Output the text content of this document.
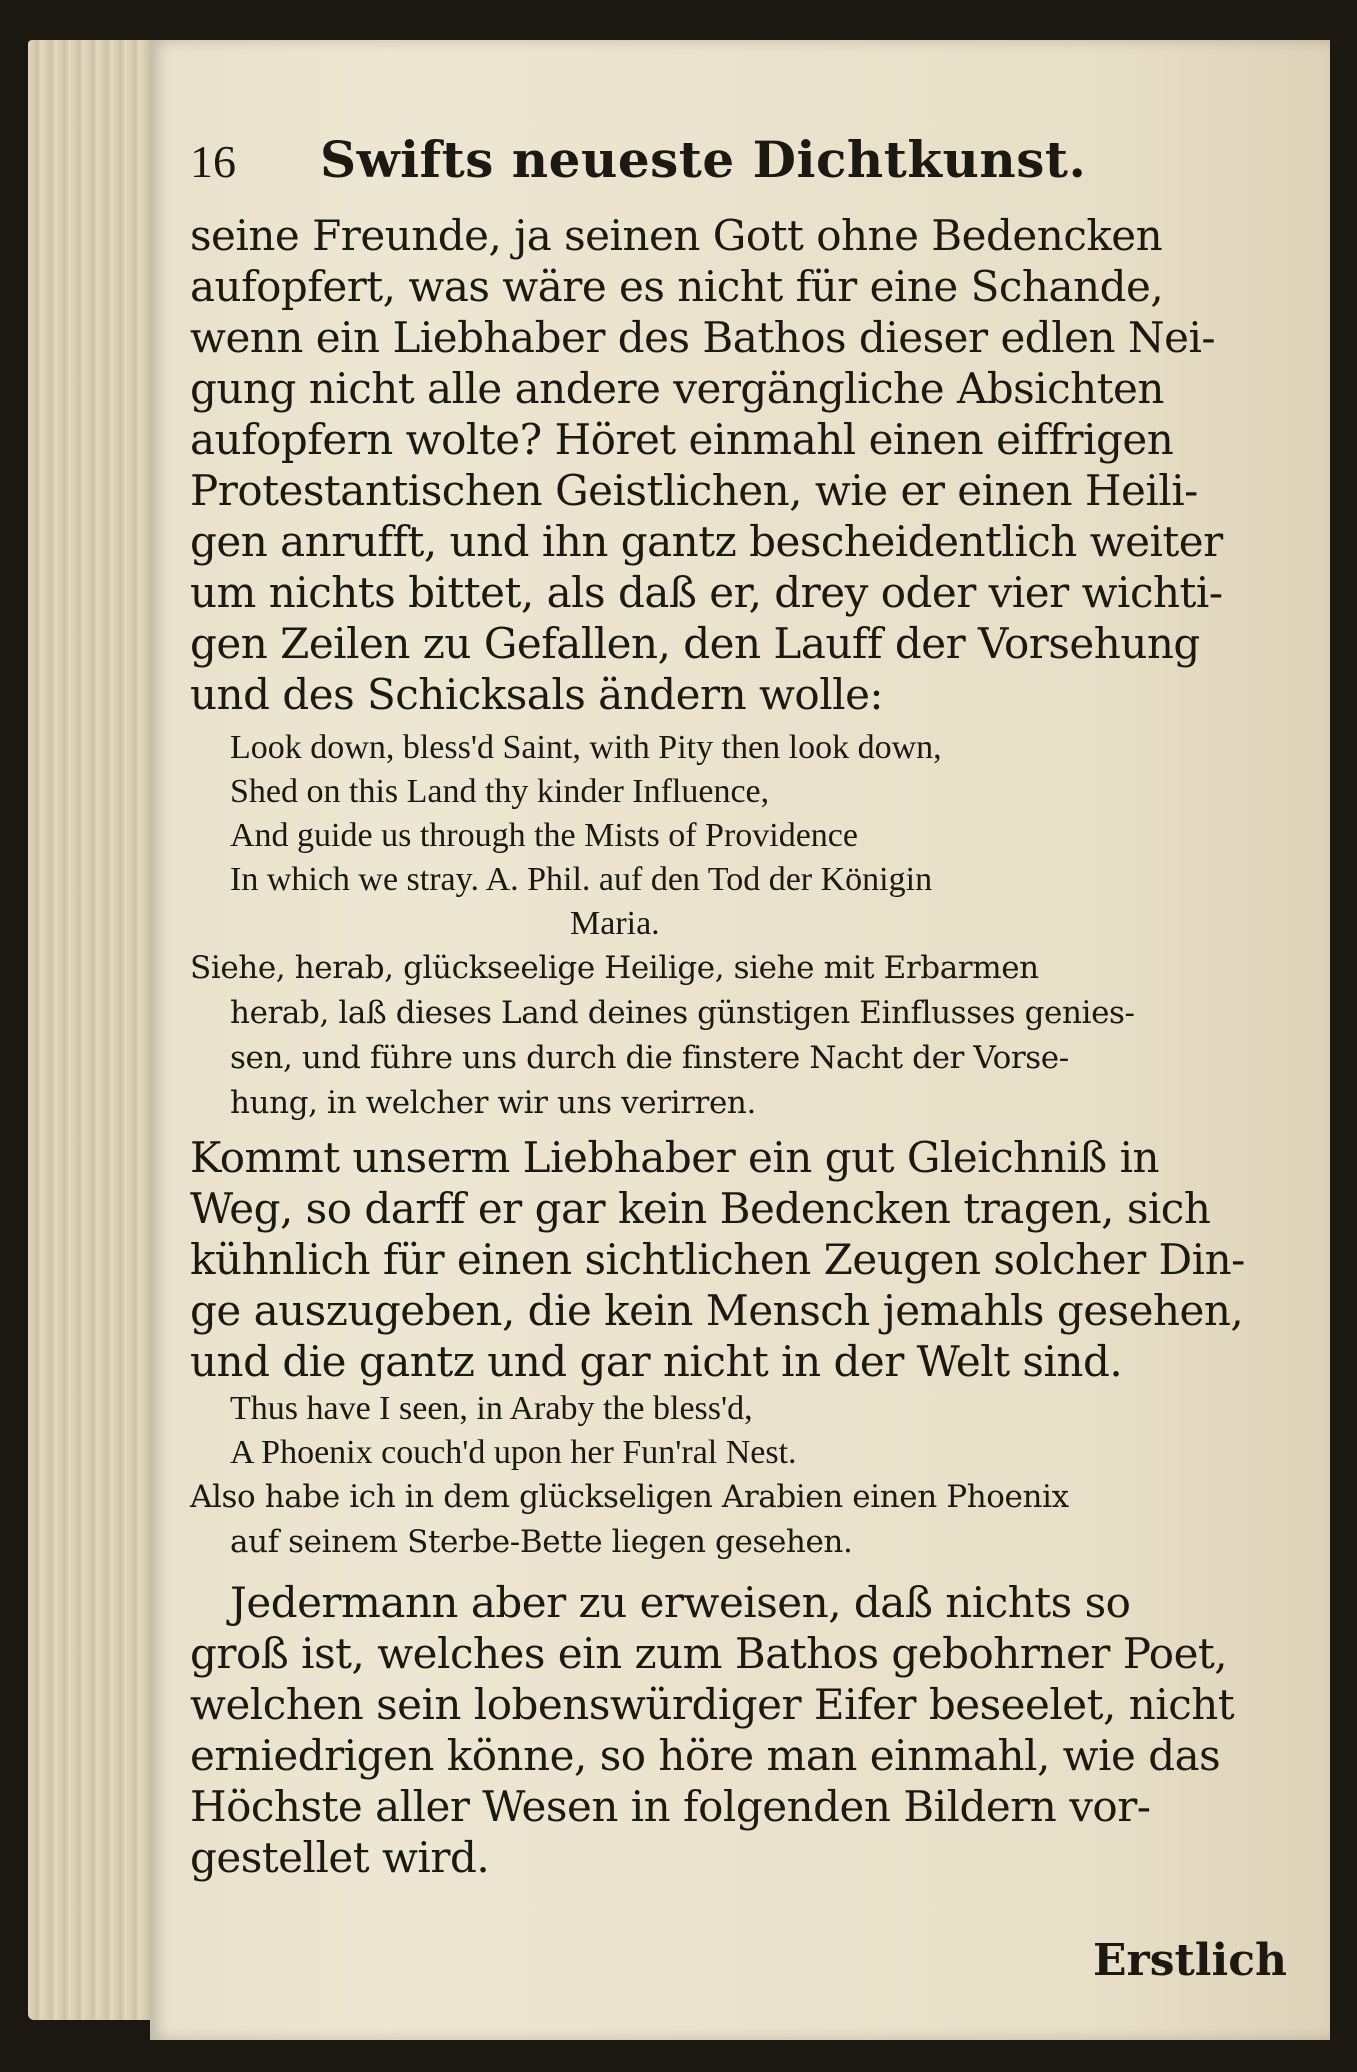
16	Swifts neueste Dichtkunst.
seine Freunde, ja seinen Gott ohne Bedencken
aufopfert, was wäre es nicht für eine Schande,
wenn ein Liebhaber des Bathos dieser edlen Nei-
gung nicht alle andere vergängliche Absichten
aufopfern wolte? Höret einmahl einen eiffrigen
Protestantischen Geistlichen, wie er einen Heili-
gen anrufft, und ihn gantz bescheidentlich weiter
um nichts bittet, als daß er, drey oder vier wichti-
gen Zeilen zu Gefallen, den Lauff der Vorsehung
und des Schicksals ändern wolle:
Look down, bless'd Saint, with Pity then look down,
Shed on this Land thy kinder Influence,
And guide us through the Mists of Providence
In which we stray. A. Phil. auf den Tod der Königin
Maria.
Siehe, herab, glückseelige Heilige, siehe mit Erbarmen
herab, laß dieses Land deines günstigen Einflusses genies-
sen, und führe uns durch die finstere Nacht der Vorse-
hung, in welcher wir uns verirren.
Kommt unserm Liebhaber ein gut Gleichniß in
Weg, so darff er gar kein Bedencken tragen, sich
kühnlich für einen sichtlichen Zeugen solcher Din-
ge auszugeben, die kein Mensch jemahls gesehen,
und die gantz und gar nicht in der Welt sind.
Thus have I seen, in Araby the bless'd,
A Phoenix couch'd upon her Fun'ral Nest.
Also habe ich in dem glückseligen Arabien einen Phoenix
auf seinem Sterbe-Bette liegen gesehen.
Jedermann aber zu erweisen, daß nichts so
groß ist, welches ein zum Bathos gebohrner Poet,
welchen sein lobenswürdiger Eifer beseelet, nicht
erniedrigen könne, so höre man einmahl, wie das
Höchste aller Wesen in folgenden Bildern vor-
gestellet wird.
Erstlich
